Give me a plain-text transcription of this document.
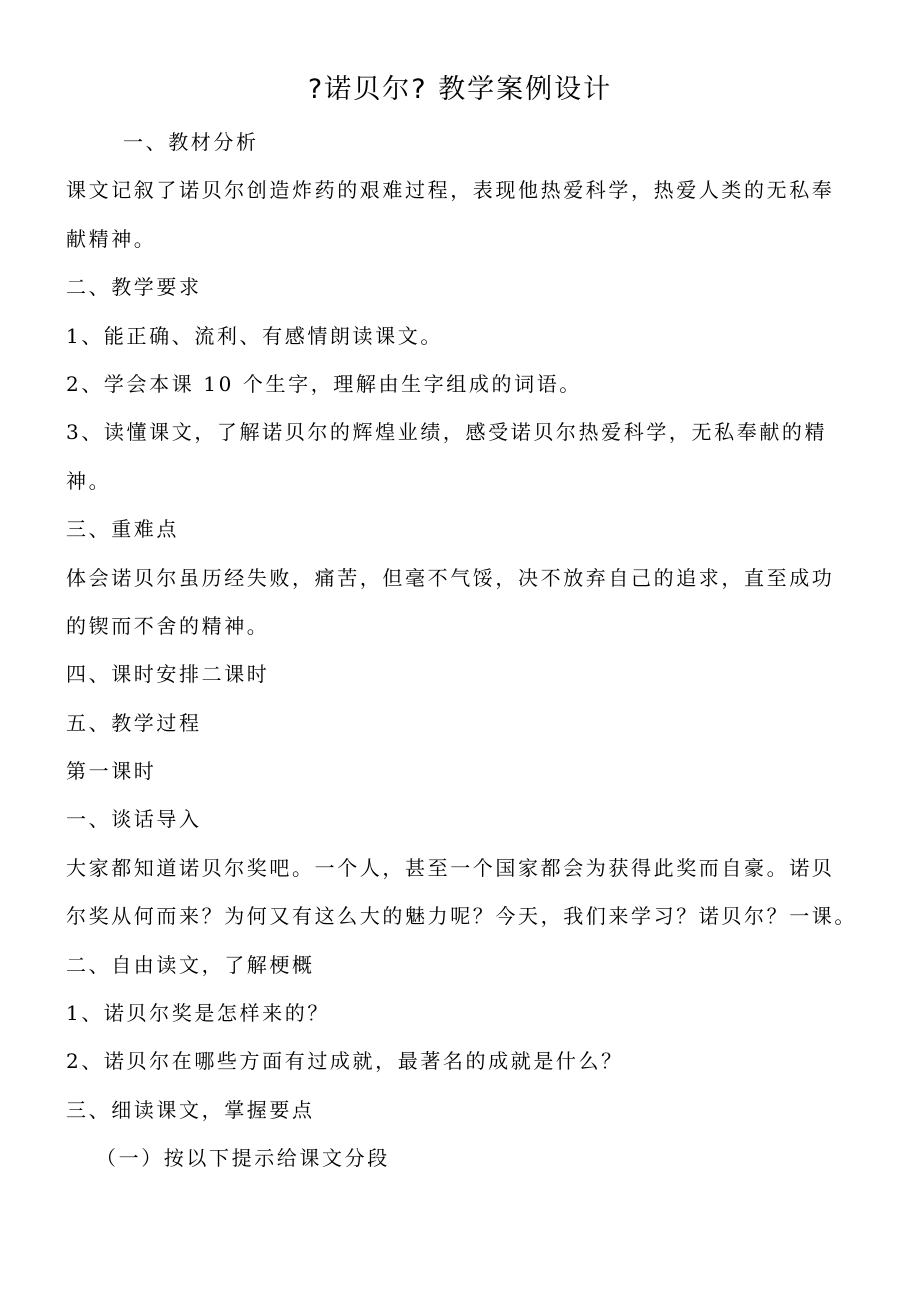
?诺贝尔? 教学案例设计
一、教材分析
课文记叙了诺贝尔创造炸药的艰难过程，表现他热爱科学，热爱人类的无私奉
献精神。
二、教学要求
1、能正确、流利、有感情朗读课文。
2、学会本课 10 个生字，理解由生字组成的词语。
3、读懂课文，了解诺贝尔的辉煌业绩，感受诺贝尔热爱科学，无私奉献的精
神。
三、重难点
体会诺贝尔虽历经失败，痛苦，但毫不气馁，决不放弃自己的追求，直至成功
的锲而不舍的精神。
四、课时安排二课时
五、教学过程
第一课时
一、谈话导入
大家都知道诺贝尔奖吧。一个人，甚至一个国家都会为获得此奖而自豪。诺贝
尔奖从何而来？为何又有这么大的魅力呢？今天，我们来学习？诺贝尔？一课。
二、自由读文，了解梗概
1、诺贝尔奖是怎样来的？
2、诺贝尔在哪些方面有过成就，最著名的成就是什么？
三、细读课文，掌握要点
（一）按以下提示给课文分段
